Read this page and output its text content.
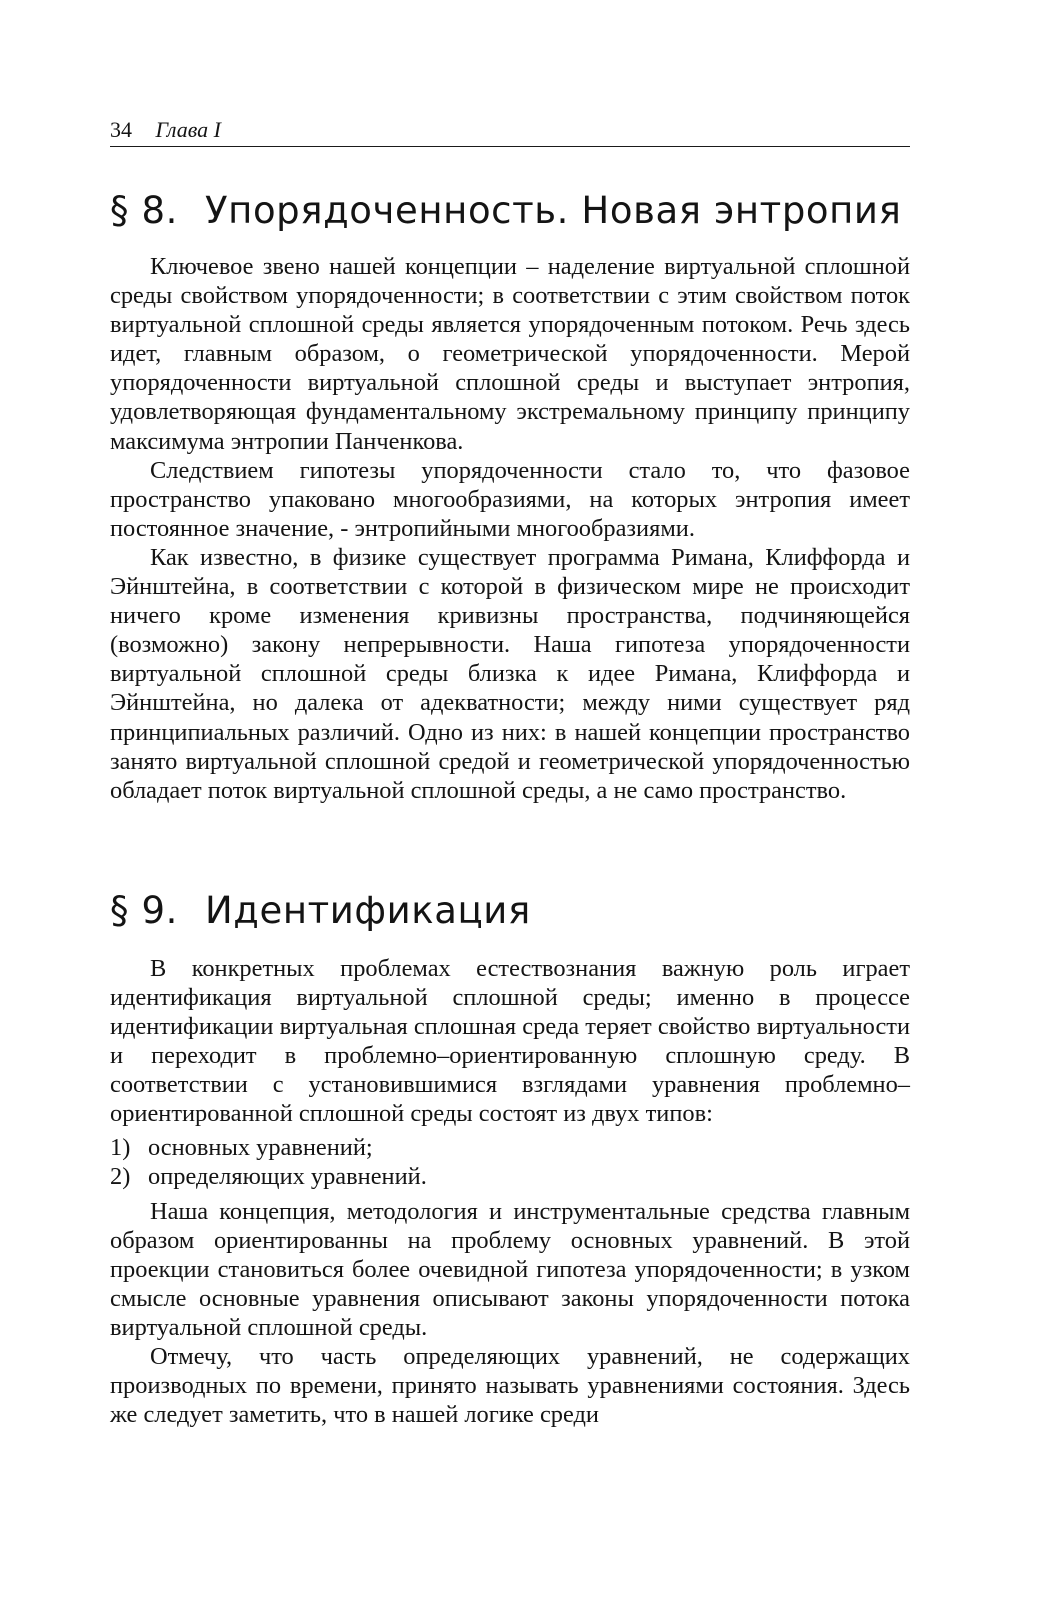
34 Глава I
§ 8. Упорядоченность. Новая энтропия

Ключевое звено нашей концепции – наделение виртуальной сплошной среды свойством упорядоченности; в соответствии с этим свойством поток виртуальной сплошной среды является упорядоченным потоком. Речь здесь идет, главным образом, о геометрической упорядоченности. Мерой упорядоченности виртуальной сплошной среды и выступает энтропия, удовлетворяющая фундаментальному экстремальному принципу принципу максимума энтропии Панченкова.

Следствием гипотезы упорядоченности стало то, что фазовое пространство упаковано многообразиями, на которых энтропия имеет постоянное значение, - энтропийными многообразиями.

Как известно, в физике существует программа Римана, Клиффорда и Эйнштейна, в соответствии с которой в физическом мире не происходит ничего кроме изменения кривизны пространства, подчиняющейся (возможно) закону непрерывности. Наша гипотеза упорядоченности виртуальной сплошной среды близка к идее Римана, Клиффорда и Эйнштейна, но далека от адекватности; между ними существует ряд принципиальных различий. Одно из них: в нашей концепции пространство занято виртуальной сплошной средой и геометрической упорядоченностью обладает поток виртуальной сплошной среды, а не само пространство.

§ 9. Идентификация

В конкретных проблемах естествознания важную роль играет идентификация виртуальной сплошной среды; именно в процессе идентификации виртуальная сплошная среда теряет свойство виртуальности и переходит в проблемно–ориентированную сплошную среду. В соответствии с установившимися взглядами уравнения проблемно–ориентированной сплошной среды состоят из двух типов:

1) основных уравнений;
2) определяющих уравнений.

Наша концепция, методология и инструментальные средства главным образом ориентированны на проблему основных уравнений. В этой проекции становиться более очевидной гипотеза упорядоченности; в узком смысле основные уравнения описывают законы упорядоченности потока виртуальной сплошной среды.

Отмечу, что часть определяющих уравнений, не содержащих производных по времени, принято называть уравнениями состояния. Здесь же следует заметить, что в нашей логике среди
